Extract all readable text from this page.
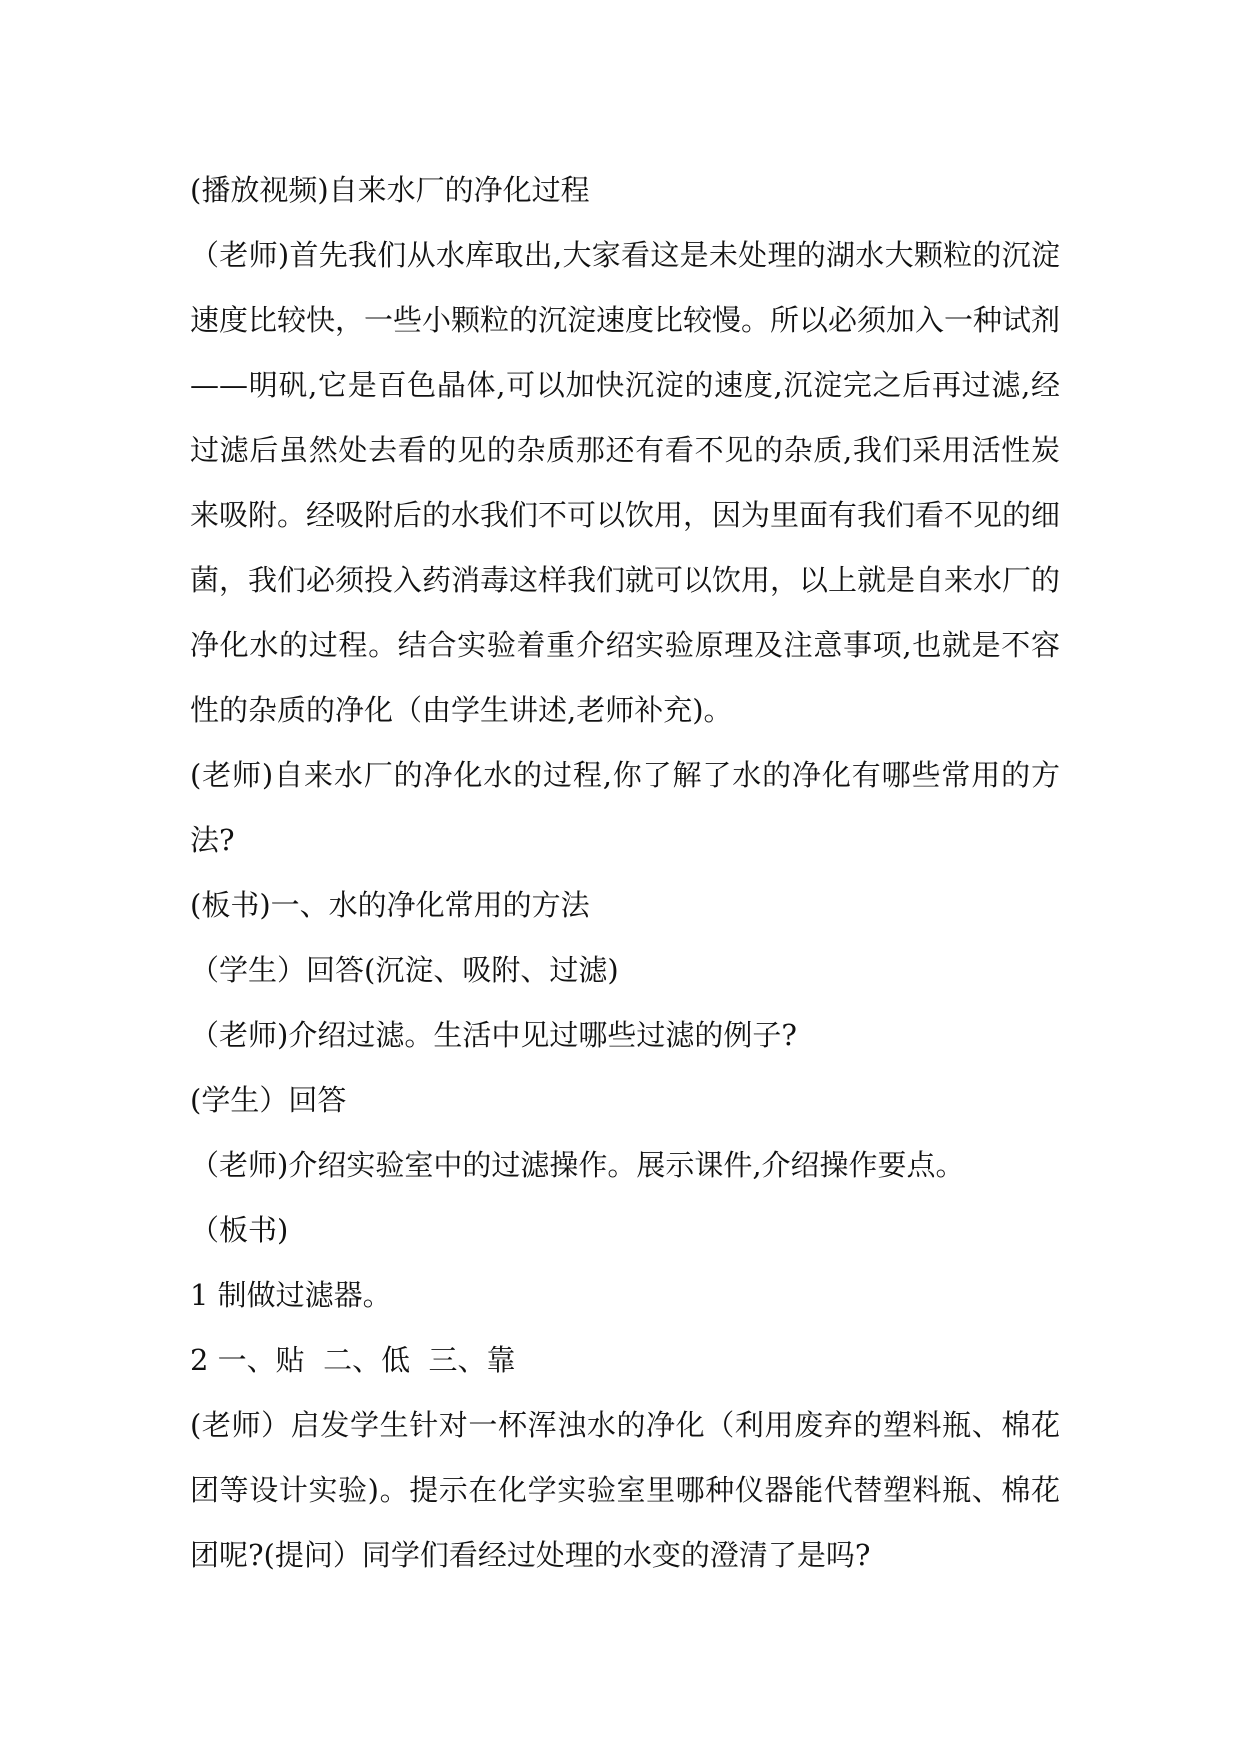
(播放视频)自来水厂的净化过程

（老师)首先我们从水库取出,大家看这是未处理的湖水大颗粒的沉淀速度比较快，一些小颗粒的沉淀速度比较慢。所以必须加入一种试剂——明矾,它是百色晶体,可以加快沉淀的速度,沉淀完之后再过滤,经过滤后虽然处去看的见的杂质那还有看不见的杂质,我们采用活性炭来吸附。经吸附后的水我们不可以饮用，因为里面有我们看不见的细菌，我们必须投入药消毒这样我们就可以饮用，以上就是自来水厂的净化水的过程。结合实验着重介绍实验原理及注意事项,也就是不容性的杂质的净化（由学生讲述,老师补充)。

(老师)自来水厂的净化水的过程,你了解了水的净化有哪些常用的方法?

(板书)一、水的净化常用的方法

（学生）回答(沉淀、吸附、过滤)

（老师)介绍过滤。生活中见过哪些过滤的例子?

(学生）回答

（老师)介绍实验室中的过滤操作。展示课件,介绍操作要点。

（板书)

1 制做过滤器。

2 一、贴  二、低  三、靠

(老师）启发学生针对一杯浑浊水的净化（利用废弃的塑料瓶、棉花团等设计实验)。提示在化学实验室里哪种仪器能代替塑料瓶、棉花团呢?(提问）同学们看经过处理的水变的澄清了是吗?
